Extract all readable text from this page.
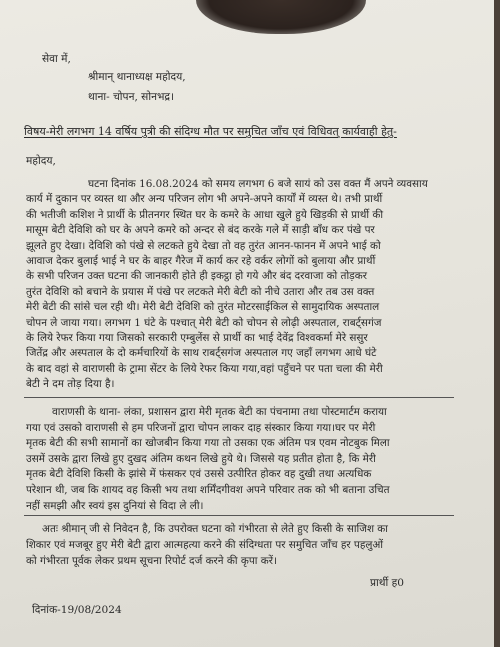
सेवा में,
श्रीमान् थानाध्यक्ष महोदय,
थाना- चोपन, सोनभद्र।
विषय-मेरी लगभग 14 वर्षिय पुत्री की संदिग्ध मौत पर समुचित जाँच एवं विधिवत् कार्यवाही हेतु-
महोदय,
घटना दिनांक 16.08.2024 को समय लगभग 6 बजे सायं को उस वक्त मैं अपने व्यवसाय
कार्य में दुकान पर व्यस्त था और अन्य परिजन लोग भी अपने-अपने कार्यों में व्यस्त थे। तभी प्रार्थी
की भतीजी कशिश ने प्रार्थी के प्रीतनगर स्थित घर के कमरे के आधा खुले हुये खिड़की से प्रार्थी की
मासूम बेटी देविशि को घर के अपने कमरे को अन्दर से बंद करके गले में साड़ी बाँध कर पंखे पर
झूलते हुए देखा। देविशि को पंखे से लटकते हुये देखा तो वह तुरंत आनन-फानन में अपने भाई को
आवाज देकर बुलाई भाई ने घर के बाहर गैरेज में कार्य कर रहे वर्कर लोगों को बुलाया और प्रार्थी
के सभी परिजन उक्त घटना की जानकारी होते ही इकट्ठा हो गये और बंद दरवाजा को तोड़कर
तुरंत देविशि को बचाने के प्रयास में पंखे पर लटकते मेरी बेटी को नीचे उतारा और तब उस वक्त
मेरी बेटी की सांसे चल रही थी। मेरी बेटी देविशि को तुरंत मोटरसाईकिल से सामुदायिक अस्पताल
चोपन ले जाया गया। लगभग 1 घंटे के पश्चात् मेरी बेटी को चोपन से लोढ़ी अस्पताल, राबर्ट्सगंज
के लिये रेफर किया गया जिसको सरकारी एम्बुलेंस से प्रार्थी का भाई देवेंद्र विश्वकर्मा मेरे ससुर
जितेंद्र और अस्पताल के दो कर्मचारियों के साथ राबर्ट्सगंज अस्पताल गए जहाँ लगभग आधे घंटे
के बाद वहां से वाराणसी के ट्रामा सेंटर के लिये रेफर किया गया,वहां पहुँचने पर पता चला की मेरी
बेटी ने दम तोड़ दिया है।
वाराणसी के थाना- लंका, प्रशासन द्वारा मेरी मृतक बेटी का पंचनामा तथा पोस्टमार्टम कराया
गया एवं उसको वाराणसी से हम परिजनों द्वारा चोपन लाकर दाह संस्कार किया गया।घर पर मेरी
मृतक बेटी की सभी सामानों का खोजबीन किया गया तो उसका एक अंतिम पत्र एवम नोटबुक मिला
उसमें उसके द्वारा लिखे हुए दुखद अंतिम कथन लिखे हुये थे। जिससे यह प्रतीत होता है, कि मेरी
मृतक बेटी देविशि किसी के झांसे में फंसकर एवं उससे उत्पीरित होकर वह दुखी तथा अत्यधिक
परेशान थी, जब कि शायद वह किसी भय तथा शर्मिंदगीवश अपने परिवार तक को भी बताना उचित
नहीं समझी और स्वयं इस दुनियां से विदा ले ली।
अतः श्रीमान् जी से निवेदन है, कि उपरोक्त घटना को गंभीरता से लेते हुए किसी के साजिश का
शिकार एवं मजबूर हुए मेरी बेटी द्वारा आत्महत्या करने की संदिग्धता पर समुचित जाँच हर पहलुओं
को गंभीरता पूर्वक लेकर प्रथम सूचना रिपोर्ट दर्ज करने की कृपा करें।
प्रार्थी ह0
दिनांक-19/08/2024
